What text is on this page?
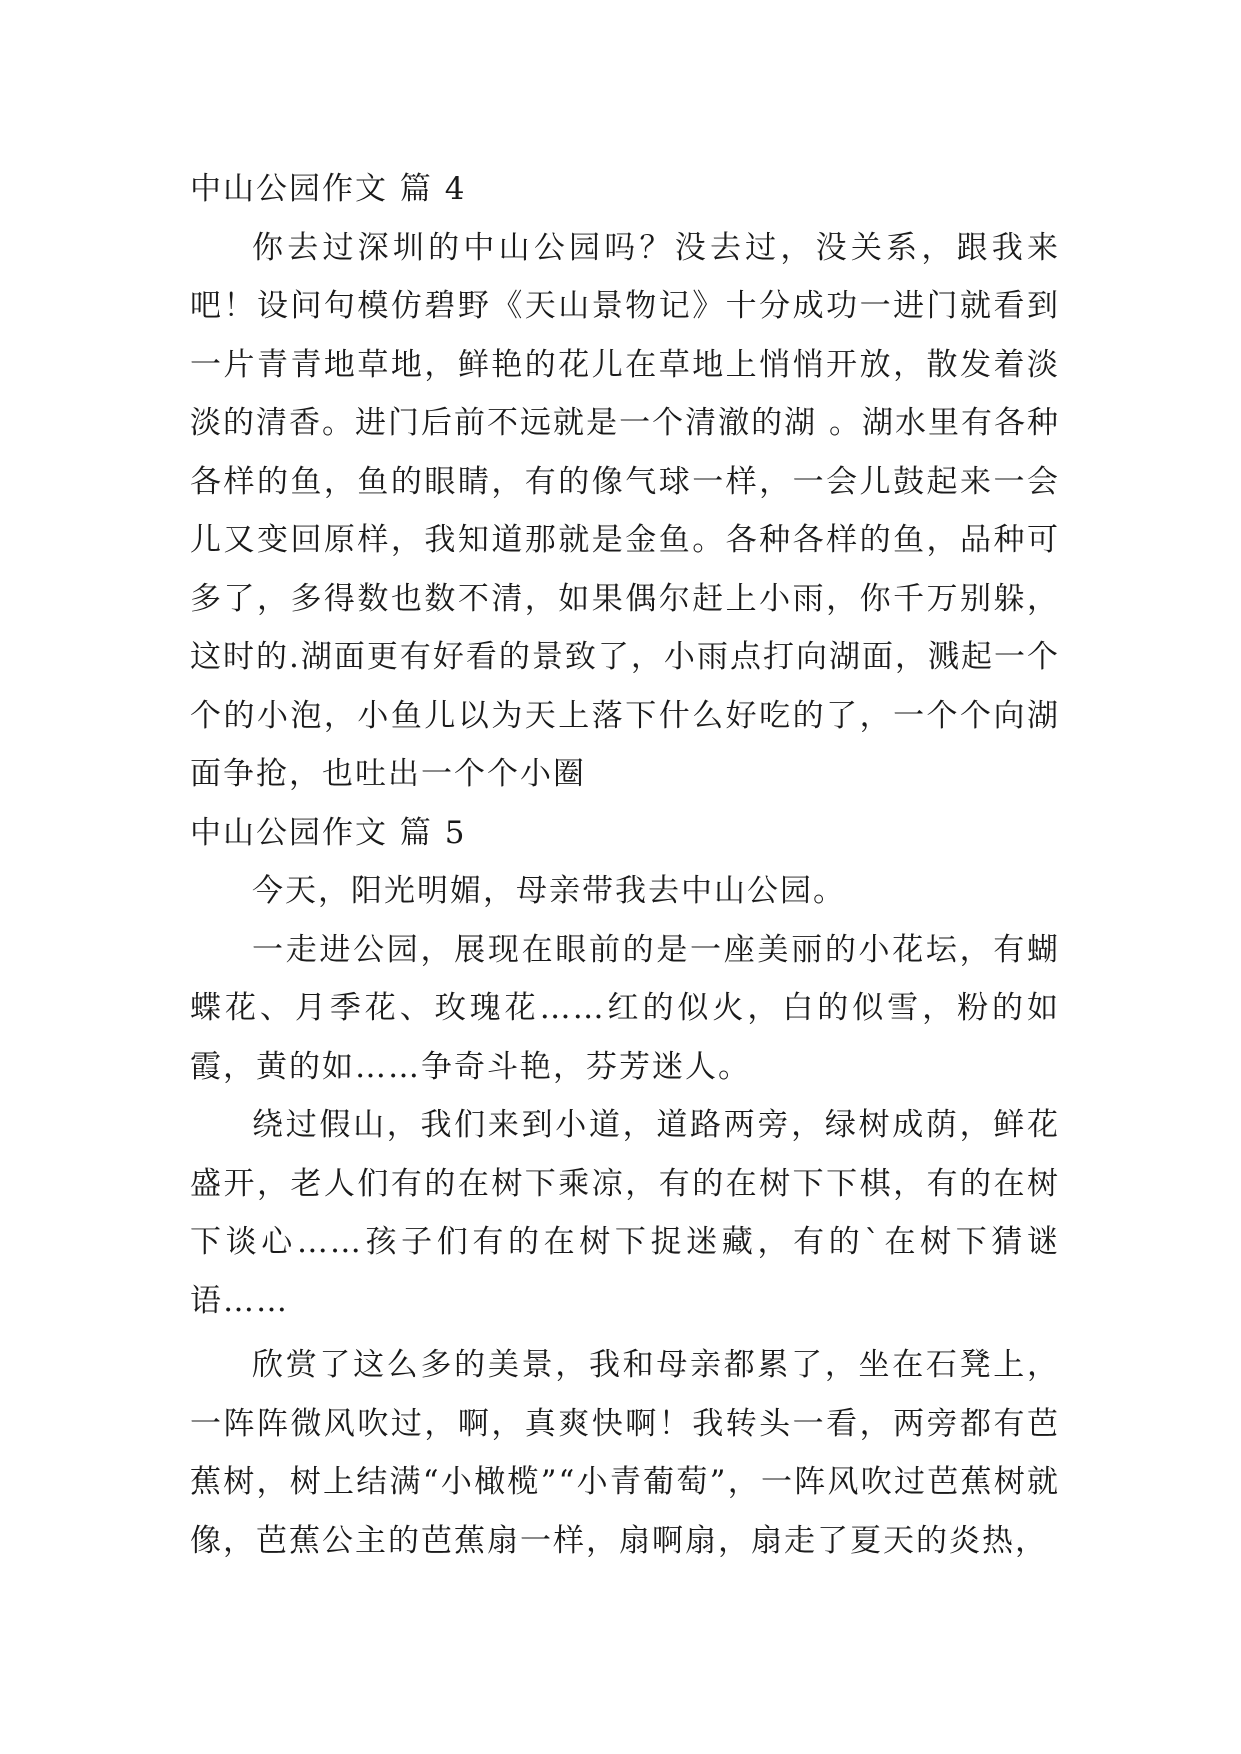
中山公园作文 篇 4

你去过深圳的中山公园吗？没去过，没关系，跟我来吧！设问句模仿碧野《天山景物记》十分成功一进门就看到一片青青地草地，鲜艳的花儿在草地上悄悄开放，散发着淡淡的清香。进门后前不远就是一个清澈的湖 。湖水里有各种各样的鱼，鱼的眼睛，有的像气球一样，一会儿鼓起来一会儿又变回原样，我知道那就是金鱼。各种各样的鱼，品种可多了，多得数也数不清，如果偶尔赶上小雨，你千万别躲，这时的.湖面更有好看的景致了，小雨点打向湖面，溅起一个个的小泡，小鱼儿以为天上落下什么好吃的了，一个个向湖面争抢，也吐出一个个小圈

中山公园作文 篇 5

今天，阳光明媚，母亲带我去中山公园。

一走进公园，展现在眼前的是一座美丽的小花坛，有蝴蝶花、月季花、玫瑰花……红的似火，白的似雪，粉的如霞，黄的如……争奇斗艳，芬芳迷人。

绕过假山，我们来到小道，道路两旁，绿树成荫，鲜花盛开，老人们有的在树下乘凉，有的在树下下棋，有的在树下谈心……孩子们有的在树下捉迷藏，有的`在树下猜谜语……

欣赏了这么多的美景，我和母亲都累了，坐在石凳上，一阵阵微风吹过，啊，真爽快啊！我转头一看，两旁都有芭蕉树，树上结满“小橄榄”“小青葡萄”，一阵风吹过芭蕉树就像，芭蕉公主的芭蕉扇一样，扇啊扇，扇走了夏天的炎热，
